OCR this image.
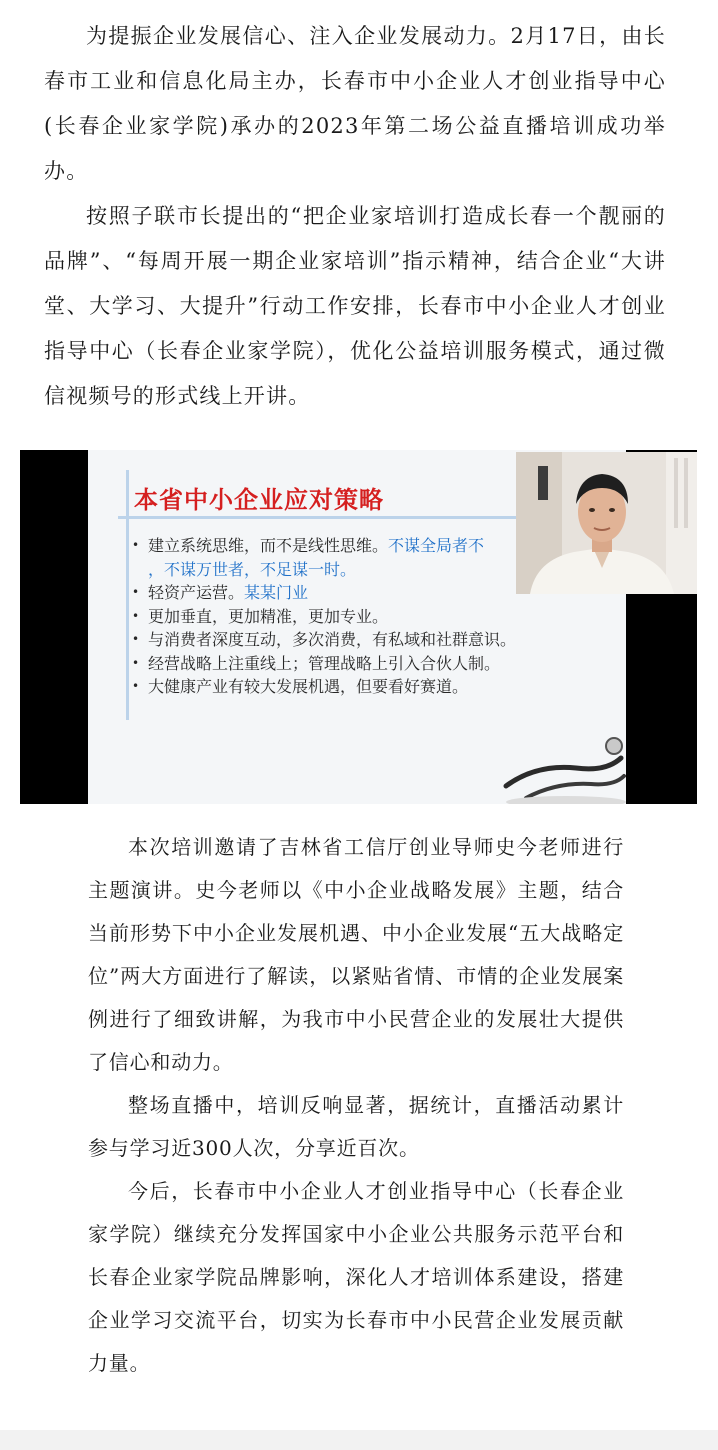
为提振企业发展信心、注入企业发展动力。2月17日，由长春市工业和信息化局主办，长春市中小企业人才创业指导中心(长春企业家学院)承办的2023年第二场公益直播培训成功举办。

按照子联市长提出的“把企业家培训打造成长春一个靓丽的品牌”、“每周开展一期企业家培训”指示精神，结合企业“大讲堂、大学习、大提升”行动工作安排，长春市中小企业人才创业指导中心（长春企业家学院），优化公益培训服务模式，通过微信视频号的形式线上开讲。

本省中小企业应对策略
• 建立系统思维，而不是线性思维。不谋全局者不
，不谋万世者，不足谋一时。
• 轻资产运营。某某门业
• 更加垂直，更加精准，更加专业。
• 与消费者深度互动，多次消费，有私域和社群意识。
• 经营战略上注重线上；管理战略上引入合伙人制。
• 大健康产业有较大发展机遇，但要看好赛道。

本次培训邀请了吉林省工信厅创业导师史今老师进行主题演讲。史今老师以《中小企业战略发展》主题，结合当前形势下中小企业发展机遇、中小企业发展“五大战略定位”两大方面进行了解读，以紧贴省情、市情的企业发展案例进行了细致讲解，为我市中小民营企业的发展壮大提供了信心和动力。

整场直播中，培训反响显著，据统计，直播活动累计参与学习近300人次，分享近百次。

今后，长春市中小企业人才创业指导中心（长春企业家学院）继续充分发挥国家中小企业公共服务示范平台和长春企业家学院品牌影响，深化人才培训体系建设，搭建企业学习交流平台，切实为长春市中小民营企业发展贡献力量。
